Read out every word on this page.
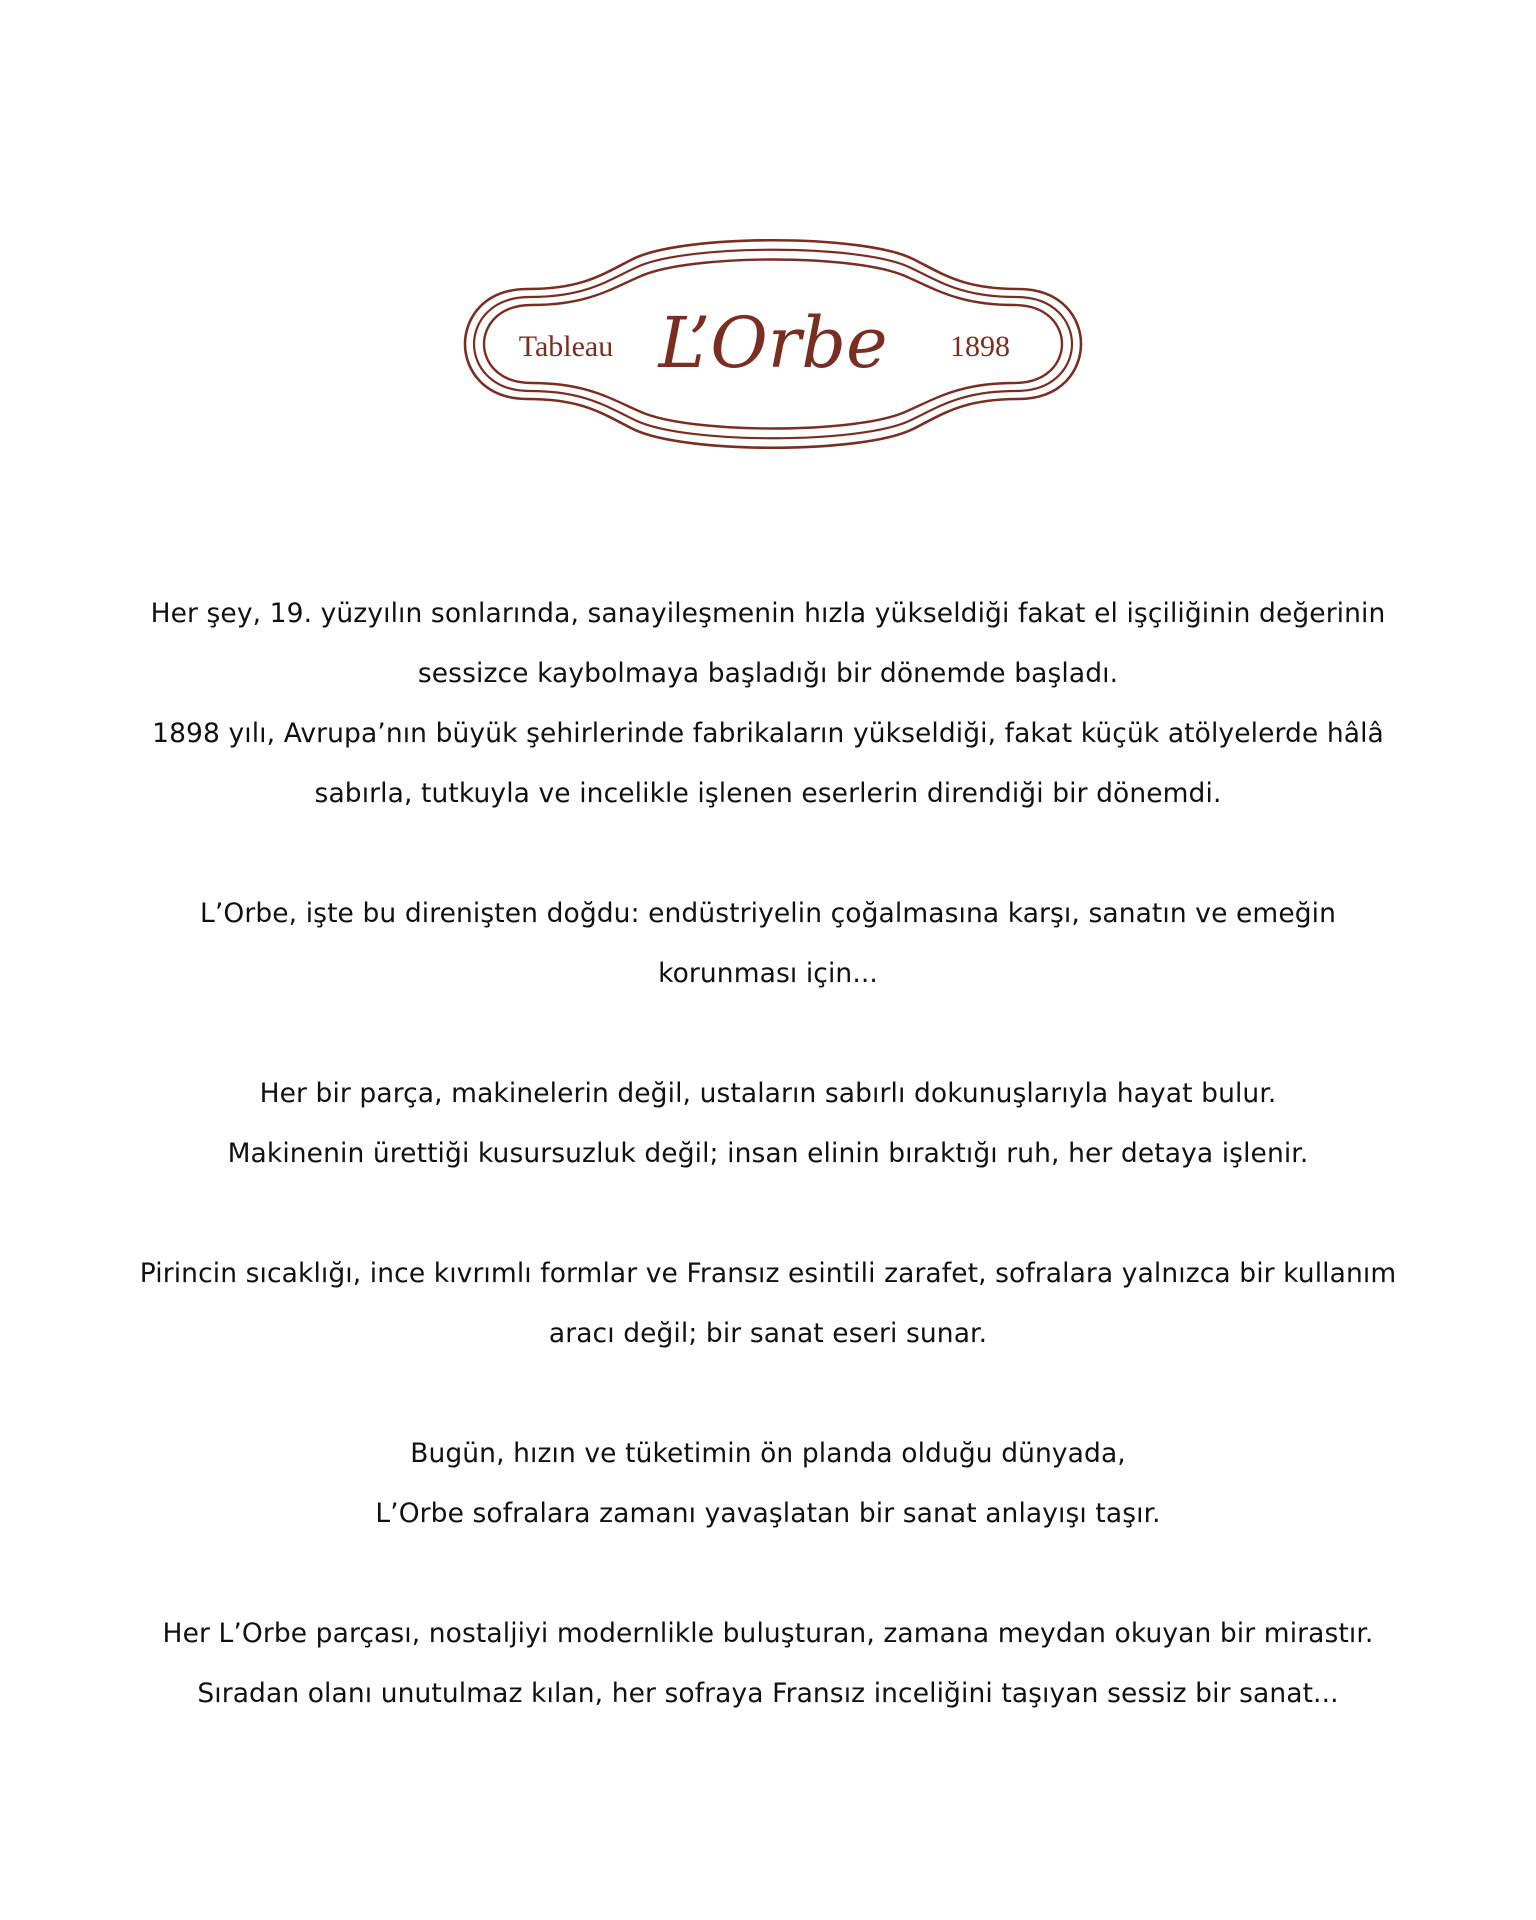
Tableau L’Orbe 1898
Her şey, 19. yüzyılın sonlarında, sanayileşmenin hızla yükseldiği fakat el işçiliğinin değerinin
sessizce kaybolmaya başladığı bir dönemde başladı.
1898 yılı, Avrupa’nın büyük şehirlerinde fabrikaların yükseldiği, fakat küçük atölyelerde hâlâ
sabırla, tutkuyla ve incelikle işlenen eserlerin direndiği bir dönemdi.
L’Orbe, işte bu direnişten doğdu: endüstriyelin çoğalmasına karşı, sanatın ve emeğin
korunması için...
Her bir parça, makinelerin değil, ustaların sabırlı dokunuşlarıyla hayat bulur.
Makinenin ürettiği kusursuzluk değil; insan elinin bıraktığı ruh, her detaya işlenir.
Pirincin sıcaklığı, ince kıvrımlı formlar ve Fransız esintili zarafet, sofralara yalnızca bir kullanım
aracı değil; bir sanat eseri sunar.
Bugün, hızın ve tüketimin ön planda olduğu dünyada,
L’Orbe sofralara zamanı yavaşlatan bir sanat anlayışı taşır.
Her L’Orbe parçası, nostaljiyi modernlikle buluşturan, zamana meydan okuyan bir mirastır.
Sıradan olanı unutulmaz kılan, her sofraya Fransız inceliğini taşıyan sessiz bir sanat...
